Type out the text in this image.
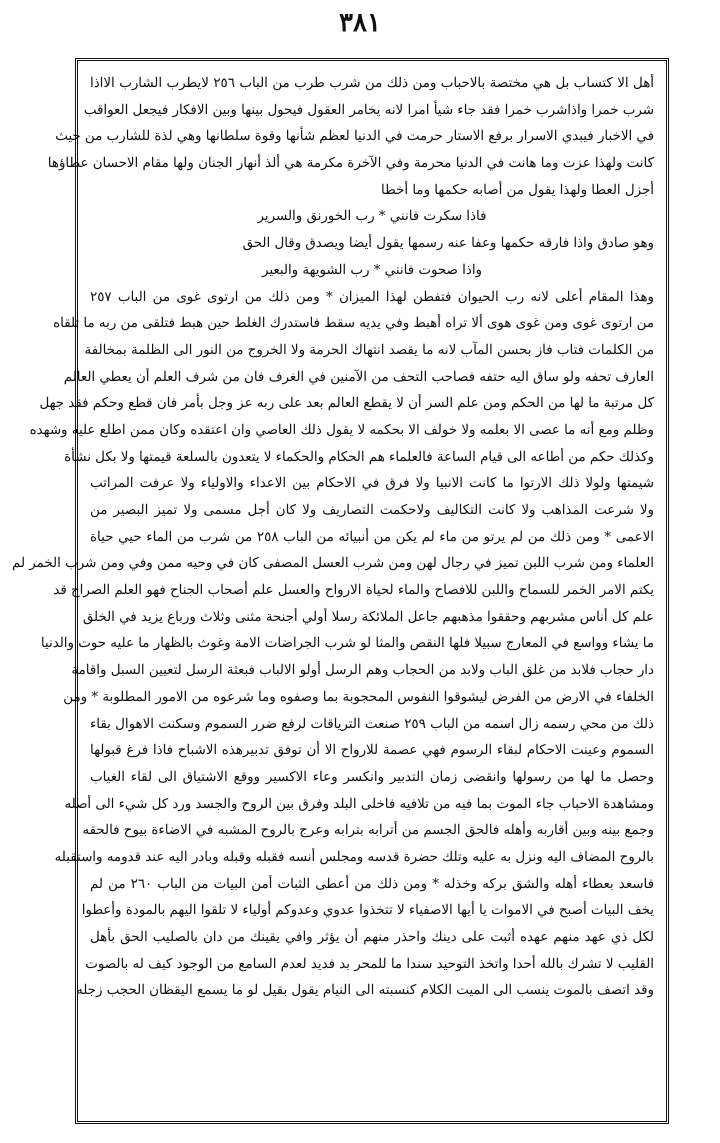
٣٨١
أهل الا كتساب بل هي مختصة بالاحباب ومن ذلك من شرب طرب من الباب ٢٥٦ لايطرب الشارب الااذا
شرب خمرا واذاشرب خمرا فقد جاء شيأ امرا لانه يخامر العقول فيحول بينها وبين الافكار فيجعل العواقب
في الاخبار فيبدي الاسرار برفع الاستار حرمت في الدنيا لعظم شأنها وقوة سلطانها وهي لذة للشارب من حيث
كانت ولهذا عزت وما هانت في الدنيا محرمة وفي الآخرة مكرمة هي ألذ أنهار الجنان ولها مقام الاحسان عطاؤها
أجزل العطا ولهذا يقول من أصابه حكمها وما أخطا
فاذا سكرت فانني * رب الخورنق والسرير
وهو صادق واذا فارقه حكمها وعفا عنه رسمها يقول أيضا ويصدق وقال الحق
واذا صحوت فانني * رب الشويهة والبعير
وهذا المقام أعلى لانه رب الحيوان فتفطن لهذا الميزان * ومن ذلك من ارتوى غوى من الباب ٢٥٧
من ارتوى غوى ومن غوى هوى ألا تراه أهبط وفي يديه سقط فاستدرك الغلط حين هبط فتلقى من ربه ما تلقاه
من الكلمات فتاب فاز بحسن المآب لانه ما يقصد انتهاك الحرمة ولا الخروج من النور الى الظلمة بمخالفة
العارف تحفه ولو ساق اليه حتفه فصاحب التحف من الآمنين في الغرف فان من شرف العلم أن يعطي العالم
كل مرتبة ما لها من الحكم ومن علم السر أن لا يقطع العالم بعد على ربه عز وجل بأمر فان قطع وحكم فقد جهل
وظلم ومع أنه ما عصى الا بعلمه ولا خولف الا بحكمه لا يقول ذلك العاصي وان اعتقده وكان ممن اطلع عليه وشهده
وكذلك حكم من أطاعه الى قيام الساعة فالعلماء هم الحكام والحكماء لا يتعدون بالسلعة قيمتها ولا بكل نشأة
شيمتها ولولا ذلك الارتوا ما كانت الانبيا ولا فرق في الاحكام بين الاعداء والاولياء ولا عرفت المراتب
ولا شرعت المذاهب ولا كانت التكاليف ولاحكمت التصاريف ولا كان أجل مسمى ولا تميز البصير من
الاعمى * ومن ذلك من لم يرتو من ماء لم يكن من أنبيائه من الباب ٢٥٨ من شرب من الماء حيي حياة
العلماء ومن شرب اللبن تميز في رجال لهن ومن شرب العسل المصفى كان في وحيه ممن وفي ومن شرب الخمر لم
يكتم الامر الخمر للسماح واللبن للافصاح والماء لحياة الارواح والعسل علم أصحاب الجناح فهو العلم الصراح قد
علم كل أناس مشربهم وحققوا مذهبهم جاعل الملائكة رسلا أولي أجنحة مثنى وثلاث ورباع يزيد في الخلق
ما يشاء وواسع في المعارج سبيلا فلها النقص والمثا لو شرب الجراضات الامة وغوث بالظهار ما عليه حوت والدنيا
دار حجاب فلابد من غلق الباب ولابد من الحجاب وهم الرسل أولو الالباب فبعثة الرسل لتعيين السبل واقامة
الخلفاء في الارض من الفرض ليشوقوا النفوس المحجوبة بما وصفوه وما شرعوه من الامور المطلوبة * ومن
ذلك من محي رسمه زال اسمه من الباب ٢٥٩ صنعت الترياقات لرفع ضرر السموم وسكنت الاهوال بقاء
السموم وعينت الاحكام لبقاء الرسوم فهي عصمة للارواح الا أن توفق تدبيرهذه الاشباح فاذا فرغ قبولها
وحصل ما لها من رسولها وانقضى زمان التدبير وانكسر وعاء الاكسير ووقع الاشتياق الى لقاء الغياب
ومشاهدة الاحباب جاء الموت بما فيه من تلافيه فاخلى البلد وفرق بين الروح والجسد ورد كل شيء الى أصله
وجمع بينه وبين أقاربه وأهله فالحق الجسم من أترابه بترابه وعرج بالروح المشبه في الاضاءة بيوح فالحقه
بالروح المضاف اليه ونزل به عليه وتلك حضرة قدسه ومجلس أنسه فقبله وقبله وبادر اليه عند قدومه واستقبله
فاسعد بعطاء أهله والشق بركه وخذله * ومن ذلك من أعطى الثبات أمن البيات من الباب ٢٦٠ من لم
يخف البيات أصبح في الاموات يا أيها الاصفياء لا تتخذوا عدوي وعدوكم أولياء لا تلقوا اليهم بالمودة وأعطوا
لكل ذي عهد منهم عهده أثبت على دينك واحذر منهم أن يؤثر وافي يقينك من دان بالصليب الحق بأهل
القليب لا تشرك بالله أحدا واتخذ التوحيد سندا ما للمحر بد فديد لعدم السامع من الوجود كيف له بالصوت
وقد اتصف بالموت ينسب الى الميت الكلام كنسبته الى النيام يقول بقيل لو ما يسمع اليقظان الحجب زجله
